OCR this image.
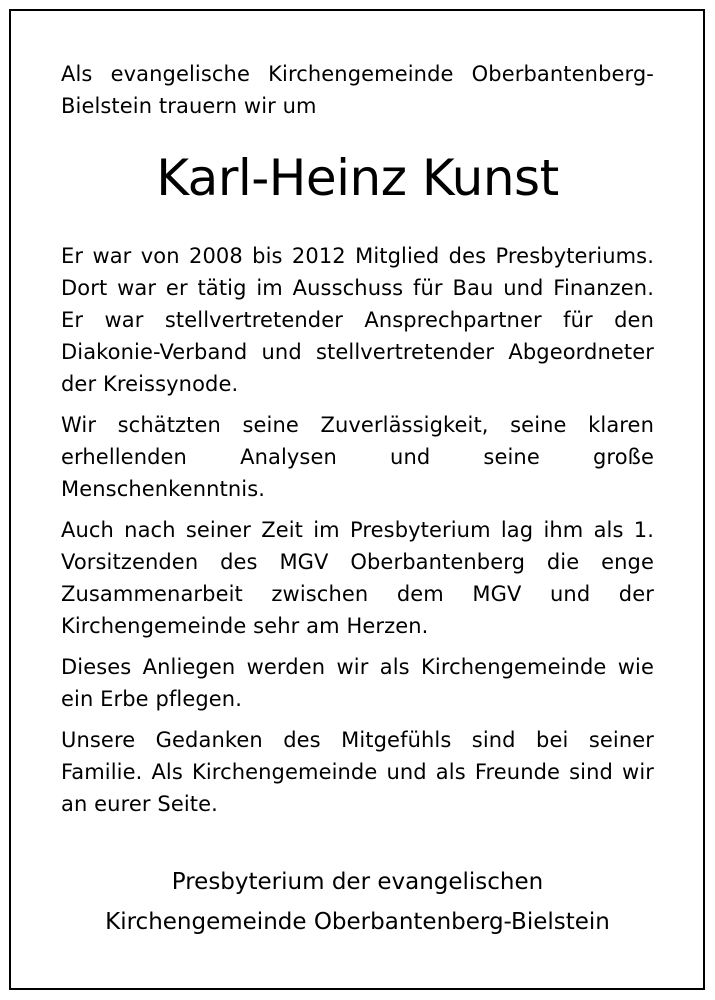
Als evangelische Kirchengemeinde Oberbantenberg-Bielstein trauern wir um

Karl-Heinz Kunst

Er war von 2008 bis 2012 Mitglied des Presbyteriums. Dort war er tätig im Ausschuss für Bau und Finanzen. Er war stellvertretender Ansprechpartner für den Diakonie-Verband und stellvertretender Abgeordneter der Kreissynode.

Wir schätzten seine Zuverlässigkeit, seine klaren erhellenden Analysen und seine große Menschenkenntnis.

Auch nach seiner Zeit im Presbyterium lag ihm als 1. Vorsitzenden des MGV Oberbantenberg die enge Zusammenarbeit zwischen dem MGV und der Kirchengemeinde sehr am Herzen.

Dieses Anliegen werden wir als Kirchengemeinde wie ein Erbe pflegen.

Unsere Gedanken des Mitgefühls sind bei seiner Familie. Als Kirchengemeinde und als Freunde sind wir an eurer Seite.

Presbyterium der evangelischen
Kirchengemeinde Oberbantenberg-Bielstein
